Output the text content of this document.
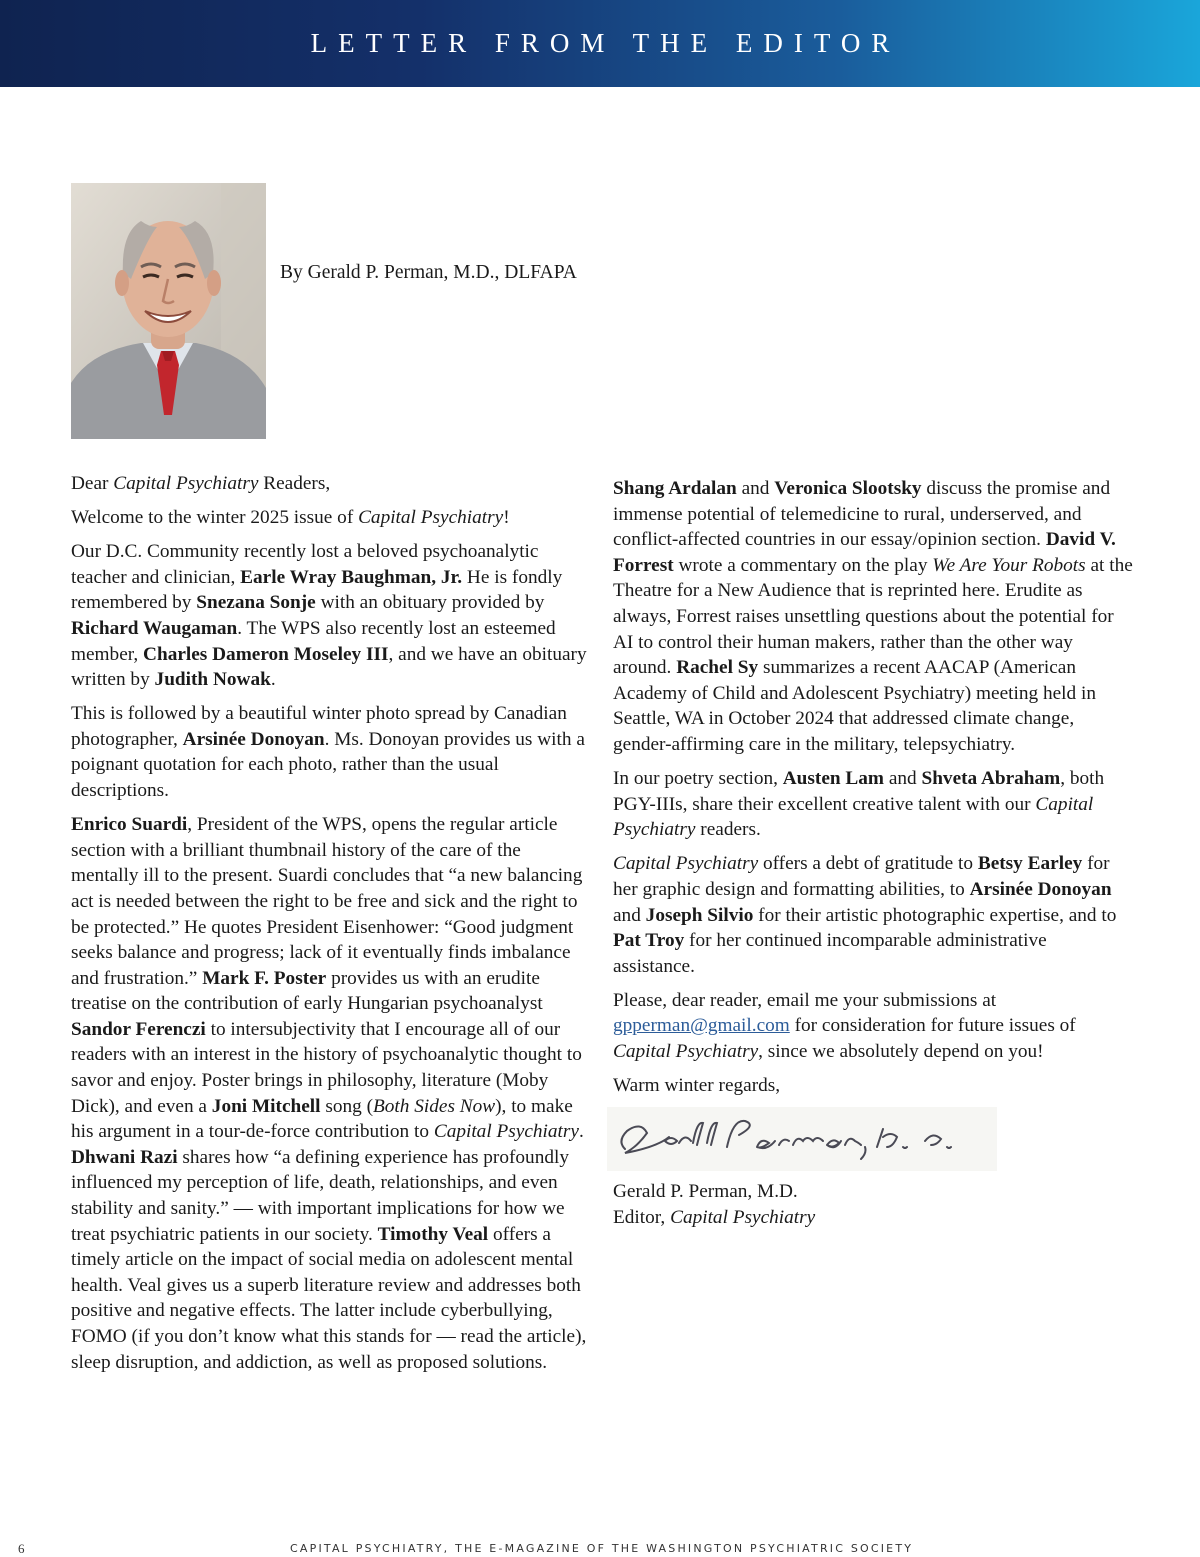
LETTER FROM THE EDITOR
By Gerald P. Perman, M.D., DLFAPA

Dear Capital Psychiatry Readers,

Welcome to the winter 2025 issue of Capital Psychiatry!

Our D.C. Community recently lost a beloved psychoanalytic teacher and clinician, Earle Wray Baughman, Jr. He is fondly remembered by Snezana Sonje with an obituary provided by Richard Waugaman. The WPS also recently lost an esteemed member, Charles Dameron Moseley III, and we have an obituary written by Judith Nowak.

This is followed by a beautiful winter photo spread by Canadian photographer, Arsinée Donoyan. Ms. Donoyan provides us with a poignant quotation for each photo, rather than the usual descriptions.

Enrico Suardi, President of the WPS, opens the regular article section with a brilliant thumbnail history of the care of the mentally ill to the present. Suardi concludes that “a new balancing act is needed between the right to be free and sick and the right to be protected.” He quotes President Eisenhower: “Good judgment seeks balance and progress; lack of it eventually finds imbalance and frustration.” Mark F. Poster provides us with an erudite treatise on the contribution of early Hungarian psychoanalyst Sandor Ferenczi to intersubjectivity that I encourage all of our readers with an interest in the history of psychoanalytic thought to savor and enjoy. Poster brings in philosophy, literature (Moby Dick), and even a Joni Mitchell song (Both Sides Now), to make his argument in a tour-de-force contribution to Capital Psychiatry. Dhwani Razi shares how “a defining experience has profoundly influenced my perception of life, death, relationships, and even stability and sanity.” — with important implications for how we treat psychiatric patients in our society. Timothy Veal offers a timely article on the impact of social media on adolescent mental health. Veal gives us a superb literature review and addresses both positive and negative effects. The latter include cyberbullying, FOMO (if you don’t know what this stands for — read the article), sleep disruption, and addiction, as well as proposed solutions.

Shang Ardalan and Veronica Slootsky discuss the promise and immense potential of telemedicine to rural, underserved, and conflict-affected countries in our essay/opinion section. David V. Forrest wrote a commentary on the play We Are Your Robots at the Theatre for a New Audience that is reprinted here. Erudite as always, Forrest raises unsettling questions about the potential for AI to control their human makers, rather than the other way around. Rachel Sy summarizes a recent AACAP (American Academy of Child and Adolescent Psychiatry) meeting held in Seattle, WA in October 2024 that addressed climate change, gender-affirming care in the military, telepsychiatry.

In our poetry section, Austen Lam and Shveta Abraham, both PGY-IIIs, share their excellent creative talent with our Capital Psychiatry readers.

Capital Psychiatry offers a debt of gratitude to Betsy Earley for her graphic design and formatting abilities, to Arsinée Donoyan and Joseph Silvio for their artistic photographic expertise, and to Pat Troy for her continued incomparable administrative assistance.

Please, dear reader, email me your submissions at gpperman@gmail.com for consideration for future issues of Capital Psychiatry, since we absolutely depend on you!

Warm winter regards,

Gerald P. Perman, M.D.
Editor, Capital Psychiatry
6	CAPITAL PSYCHIATRY, THE E-MAGAZINE OF THE WASHINGTON PSYCHIATRIC SOCIETY
